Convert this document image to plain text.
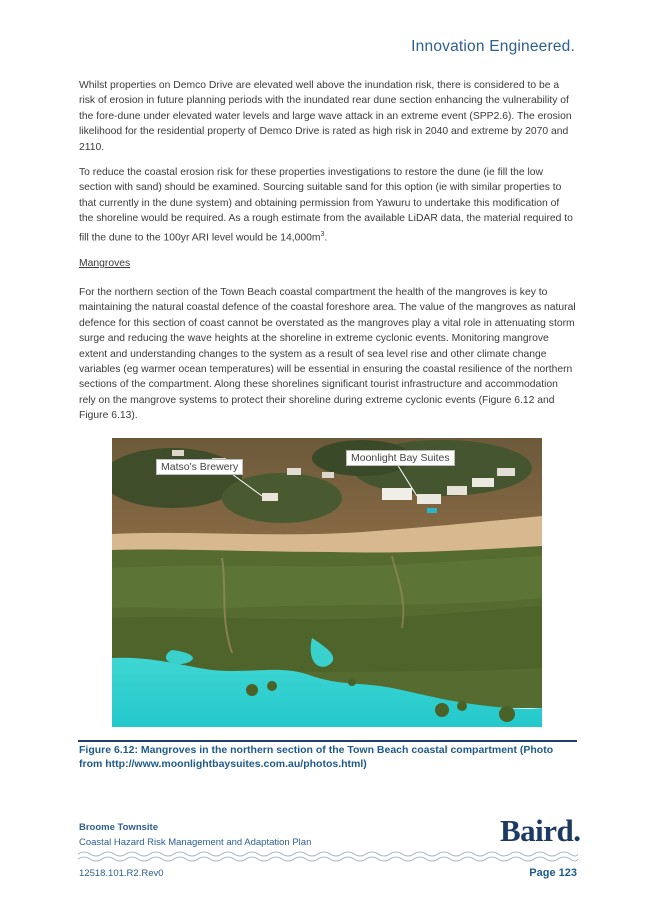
Innovation Engineered.

Whilst properties on Demco Drive are elevated well above the inundation risk, there is considered to be a risk of erosion in future planning periods with the inundated rear dune section enhancing the vulnerability of the fore-dune under elevated water levels and large wave attack in an extreme event (SPP2.6). The erosion likelihood for the residential property of Demco Drive is rated as high risk in 2040 and extreme by 2070 and 2110.

To reduce the coastal erosion risk for these properties investigations to restore the dune (ie fill the low section with sand) should be examined. Sourcing suitable sand for this option (ie with similar properties to that currently in the dune system) and obtaining permission from Yawuru to undertake this modification of the shoreline would be required. As a rough estimate from the available LiDAR data, the material required to fill the dune to the 100yr ARI level would be $14,000m^3$.

Mangroves

For the northern section of the Town Beach coastal compartment the health of the mangroves is key to maintaining the natural coastal defence of the coastal foreshore area. The value of the mangroves as natural defence for this section of coast cannot be overstated as the mangroves play a vital role in attenuating storm surge and reducing the wave heights at the shoreline in extreme cyclonic events. Monitoring mangrove extent and understanding changes to the system as a result of sea level rise and other climate change variables (eg warmer ocean temperatures) will be essential in ensuring the coastal resilience of the northern sections of the compartment. Along these shorelines significant tourist infrastructure and accommodation rely on the mangrove systems to protect their shoreline during extreme cyclonic events (Figure 6.12 and Figure 6.13).

Matso's Brewery
Moonlight Bay Suites
Figure 6.12: Mangroves in the northern section of the Town Beach coastal compartment (Photo from http://www.moonlightbaysuites.com.au/photos.html)
Broome Townsite
Coastal Hazard Risk Management and Adaptation Plan	Baird.
12518.101.R2.Rev0	Page 123
